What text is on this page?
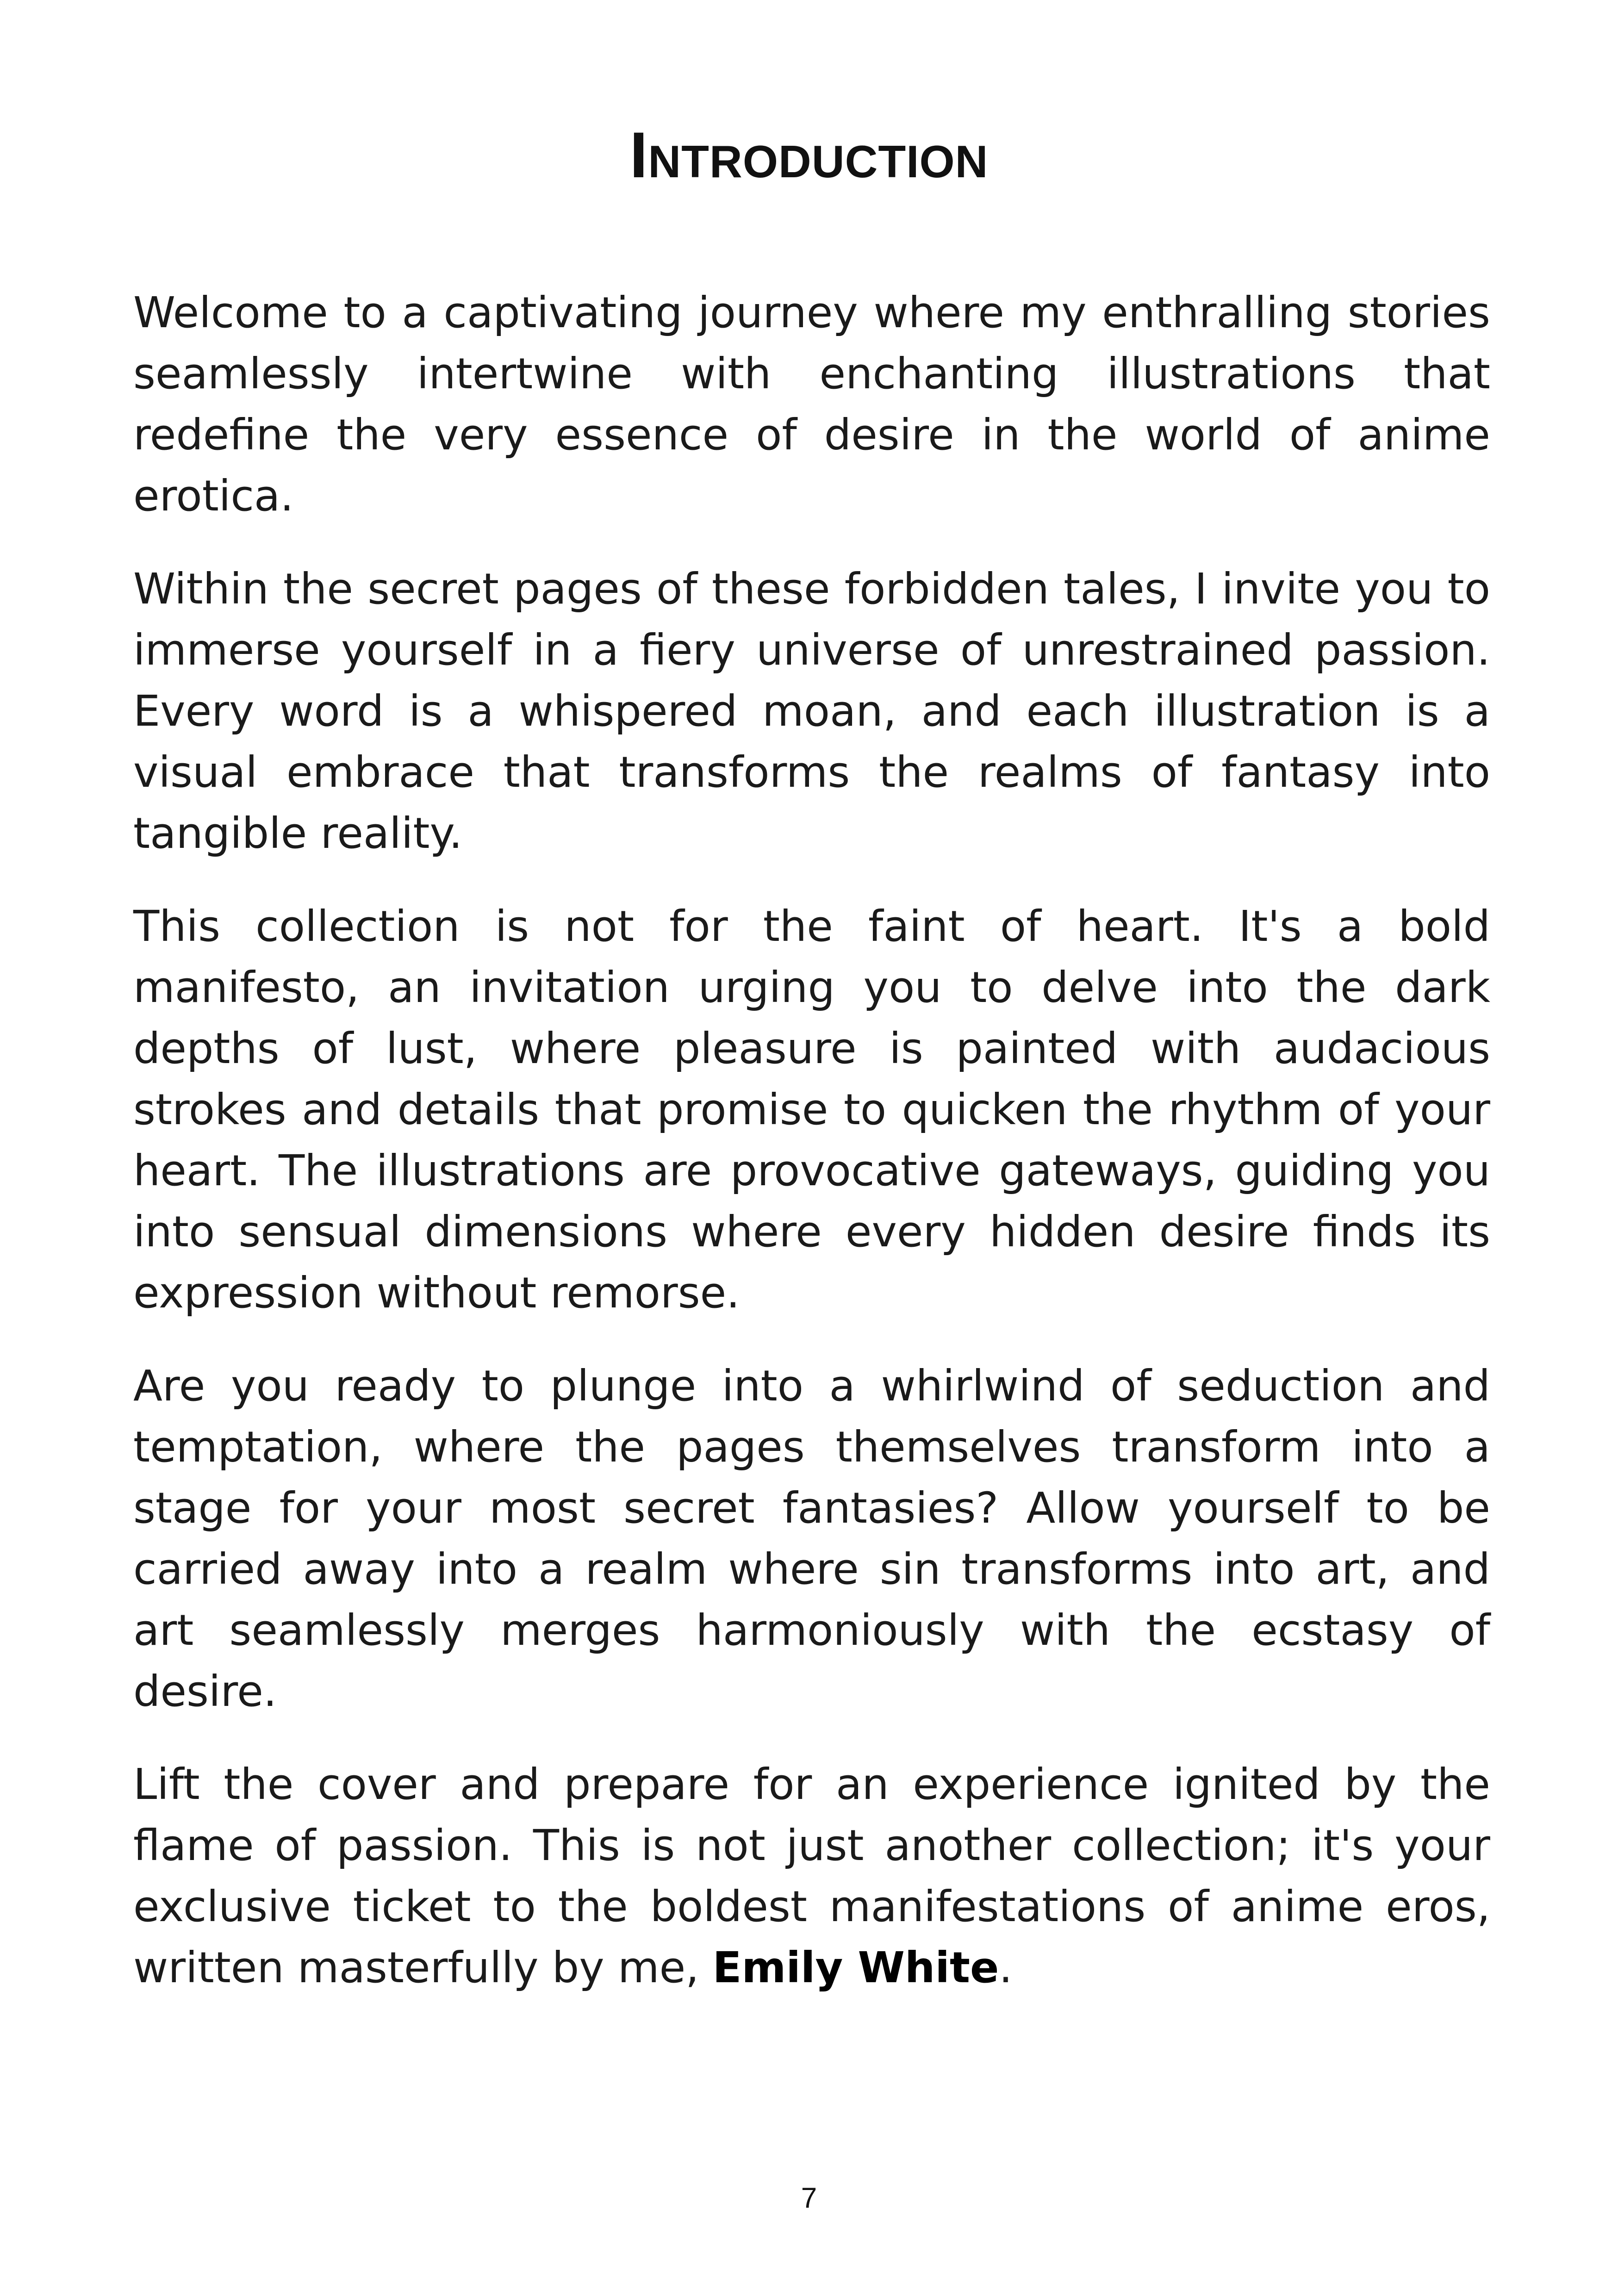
Introduction

Welcome to a captivating journey where my enthralling stories seamlessly intertwine with enchanting illustrations that redefine the very essence of desire in the world of anime erotica.

Within the secret pages of these forbidden tales, I invite you to immerse yourself in a fiery universe of unrestrained passion. Every word is a whispered moan, and each illustration is a visual embrace that transforms the realms of fantasy into tangible reality.

This collection is not for the faint of heart. It's a bold manifesto, an invitation urging you to delve into the dark depths of lust, where pleasure is painted with audacious strokes and details that promise to quicken the rhythm of your heart. The illustrations are provocative gateways, guiding you into sensual dimensions where every hidden desire finds its expression without remorse.

Are you ready to plunge into a whirlwind of seduction and temptation, where the pages themselves transform into a stage for your most secret fantasies? Allow yourself to be carried away into a realm where sin transforms into art, and art seamlessly merges harmoniously with the ecstasy of desire.

Lift the cover and prepare for an experience ignited by the flame of passion. This is not just another collection; it's your exclusive ticket to the boldest manifestations of anime eros, written masterfully by me, Emily White.

7
